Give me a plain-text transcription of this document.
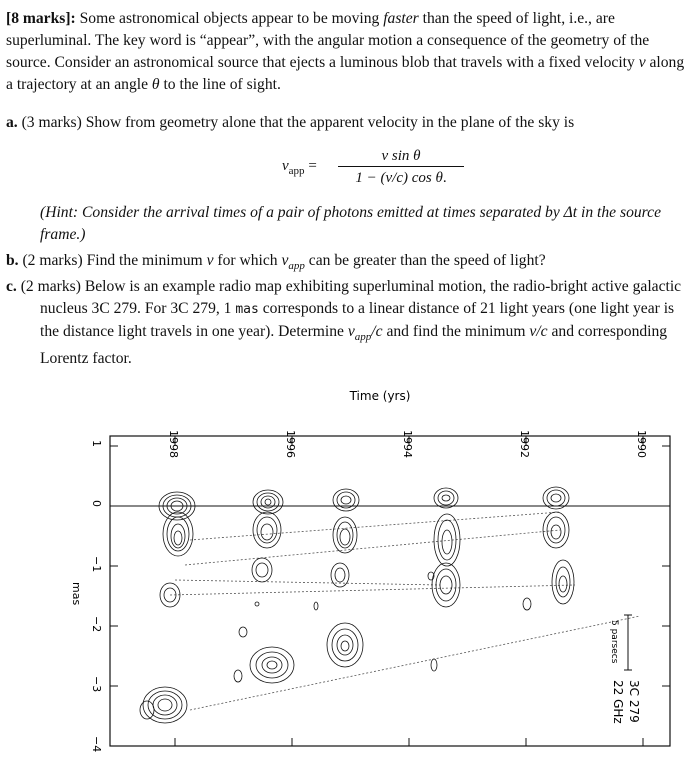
[8 marks]: Some astronomical objects appear to be moving faster than the speed of light, i.e., are superluminal. The key word is “appear”, with the angular motion a consequence of the geometry of the source. Consider an astronomical source that ejects a luminous blob that travels with a fixed velocity v along a trajectory at an angle θ to the line of sight.

a. (3 marks) Show from geometry alone that the apparent velocity in the plane of the sky is

$v_{app}$ =
v sin θ
1 − (v/c) cos θ.

(Hint: Consider the arrival times of a pair of photons emitted at times separated by Δt in the source frame.)

b. (2 marks) Find the minimum v for which $v_{app}$ can be greater than the speed of light?

c. (2 marks) Below is an example radio map exhibiting superluminal motion, the radio-bright active galactic nucleus 3C 279. For 3C 279, 1 mas corresponds to a linear distance of 21 light years (one light year is the distance light travels in one year). Determine $v_{app}/c$ and find the minimum v/c and corresponding Lorentz factor.

Time (yrs)
1998	1996	1994	1992	1990
1
0
−1
−2
−3
−4
mas
5 parsecs
3C 279
22 GHz
